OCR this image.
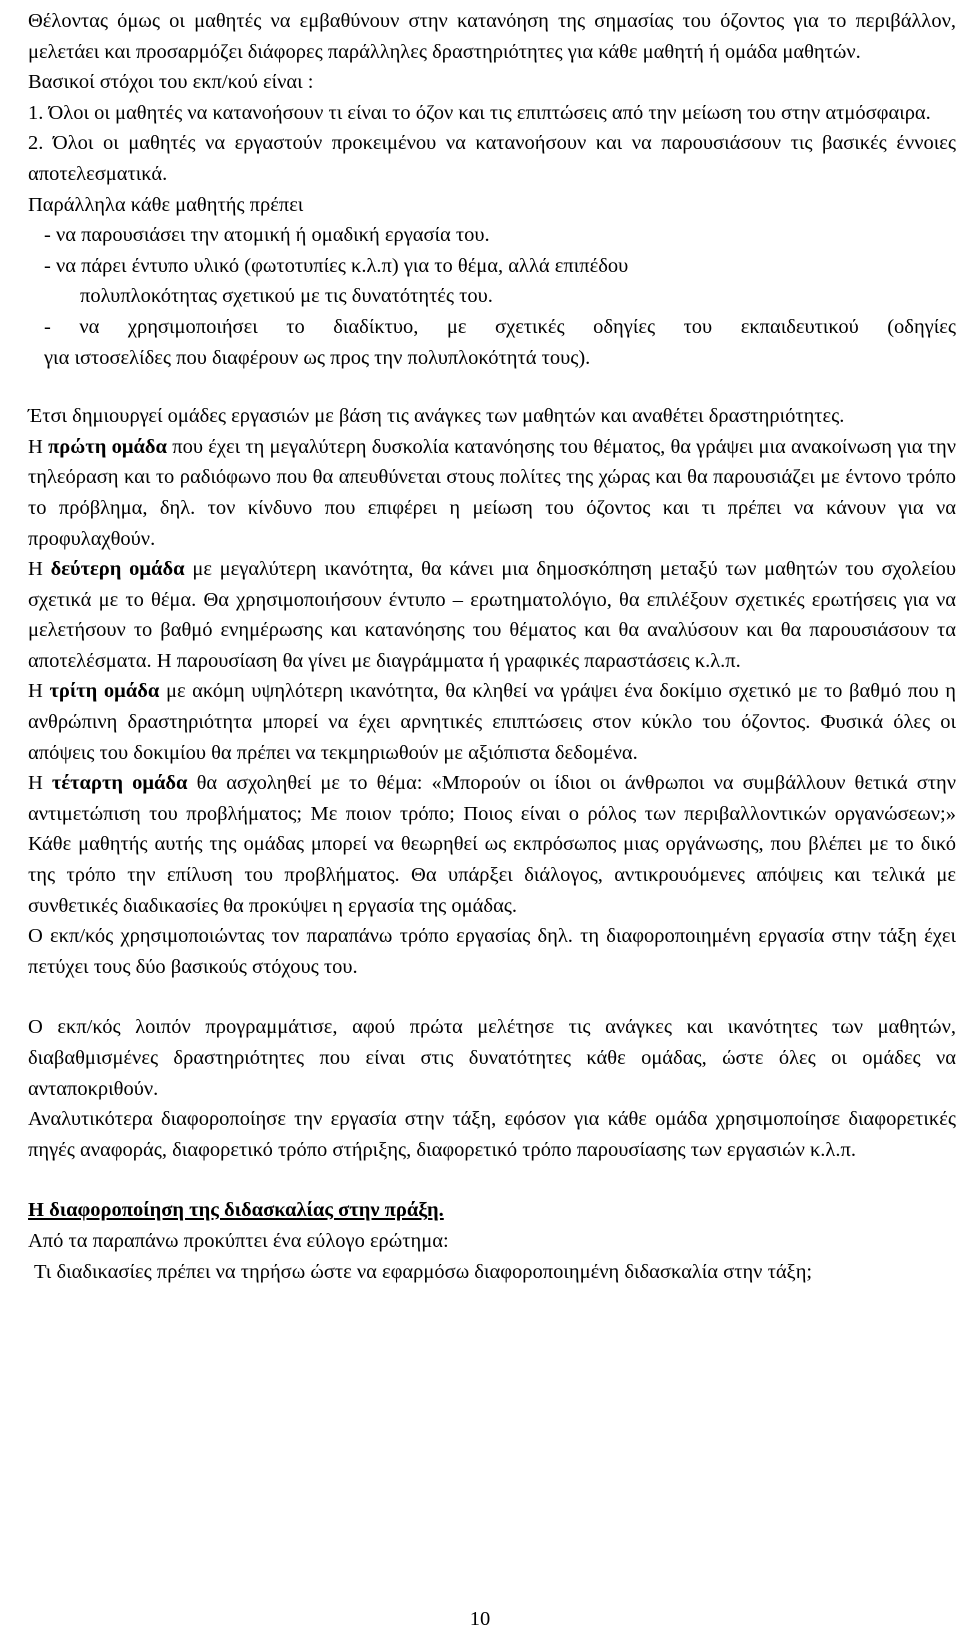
Θέλοντας όμως οι μαθητές να εμβαθύνουν στην κατανόηση της σημασίας του όζοντος για το περιβάλλον, μελετάει και προσαρμόζει διάφορες παράλληλες δραστηριότητες για κάθε μαθητή ή ομάδα μαθητών.

Βασικοί στόχοι του εκπ/κού είναι :

1. Όλοι οι μαθητές να κατανοήσουν τι είναι το όζον και τις επιπτώσεις από την μείωση του στην ατμόσφαιρα.

2. Όλοι οι μαθητές να εργαστούν προκειμένου να κατανοήσουν και να παρουσιάσουν τις βασικές έννοιες αποτελεσματικά.

Παράλληλα κάθε μαθητής πρέπει

- να παρουσιάσει την ατομική ή ομαδική εργασία του.

- να πάρει έντυπο υλικό (φωτοτυπίες κ.λ.π) για το θέμα, αλλά επιπέδου

πολυπλοκότητας σχετικού με τις δυνατότητές του.

- να χρησιμοποιήσει το διαδίκτυο, με σχετικές οδηγίες του εκπαιδευτικού (οδηγίες

για ιστοσελίδες που διαφέρουν ως προς την πολυπλοκότητά τους).

Έτσι δημιουργεί ομάδες εργασιών με βάση τις ανάγκες των μαθητών και αναθέτει δραστηριότητες.

Η πρώτη ομάδα που έχει τη μεγαλύτερη δυσκολία κατανόησης του θέματος, θα γράψει μια ανακοίνωση για την τηλεόραση και το ραδιόφωνο που θα απευθύνεται στους πολίτες της χώρας και θα παρουσιάζει με έντονο τρόπο το πρόβλημα, δηλ. τον κίνδυνο που επιφέρει η μείωση του όζοντος και τι πρέπει να κάνουν για να προφυλαχθούν.

Η δεύτερη ομάδα με μεγαλύτερη ικανότητα, θα κάνει μια δημοσκόπηση μεταξύ των μαθητών του σχολείου σχετικά με το θέμα. Θα χρησιμοποιήσουν έντυπο – ερωτηματολόγιο, θα επιλέξουν σχετικές ερωτήσεις για να μελετήσουν το βαθμό ενημέρωσης και κατανόησης του θέματος και θα αναλύσουν και θα παρουσιάσουν τα αποτελέσματα. Η παρουσίαση θα γίνει με διαγράμματα ή γραφικές παραστάσεις κ.λ.π.

Η τρίτη ομάδα με ακόμη υψηλότερη ικανότητα, θα κληθεί να γράψει ένα δοκίμιο σχετικό με το βαθμό που η ανθρώπινη δραστηριότητα μπορεί να έχει αρνητικές επιπτώσεις στον κύκλο του όζοντος. Φυσικά όλες οι απόψεις του δοκιμίου θα πρέπει να τεκμηριωθούν με αξιόπιστα δεδομένα.

Η τέταρτη ομάδα θα ασχοληθεί με το θέμα: «Μπορούν οι ίδιοι οι άνθρωποι να συμβάλλουν θετικά στην αντιμετώπιση του προβλήματος; Με ποιον τρόπο; Ποιος είναι ο ρόλος των περιβαλλοντικών οργανώσεων;» Κάθε μαθητής αυτής της ομάδας μπορεί να θεωρηθεί ως εκπρόσωπος μιας οργάνωσης, που βλέπει με το δικό της τρόπο την επίλυση του προβλήματος. Θα υπάρξει διάλογος, αντικρουόμενες απόψεις και τελικά με συνθετικές διαδικασίες θα προκύψει η εργασία της ομάδας.

Ο εκπ/κός χρησιμοποιώντας τον παραπάνω τρόπο εργασίας δηλ. τη διαφοροποιημένη εργασία στην τάξη έχει πετύχει τους δύο βασικούς στόχους του.

Ο εκπ/κός λοιπόν προγραμμάτισε, αφού πρώτα μελέτησε τις ανάγκες και ικανότητες των μαθητών, διαβαθμισμένες δραστηριότητες που είναι στις δυνατότητες κάθε ομάδας, ώστε όλες οι ομάδες να ανταποκριθούν.

Αναλυτικότερα διαφοροποίησε την εργασία στην τάξη, εφόσον για κάθε ομάδα χρησιμοποίησε διαφορετικές πηγές αναφοράς, διαφορετικό τρόπο στήριξης, διαφορετικό τρόπο παρουσίασης των εργασιών κ.λ.π.

Η διαφοροποίηση της διδασκαλίας στην πράξη.

Από τα παραπάνω προκύπτει ένα εύλογο ερώτημα:

Τι διαδικασίες πρέπει να τηρήσω ώστε να εφαρμόσω διαφοροποιημένη διδασκαλία στην τάξη;

10
